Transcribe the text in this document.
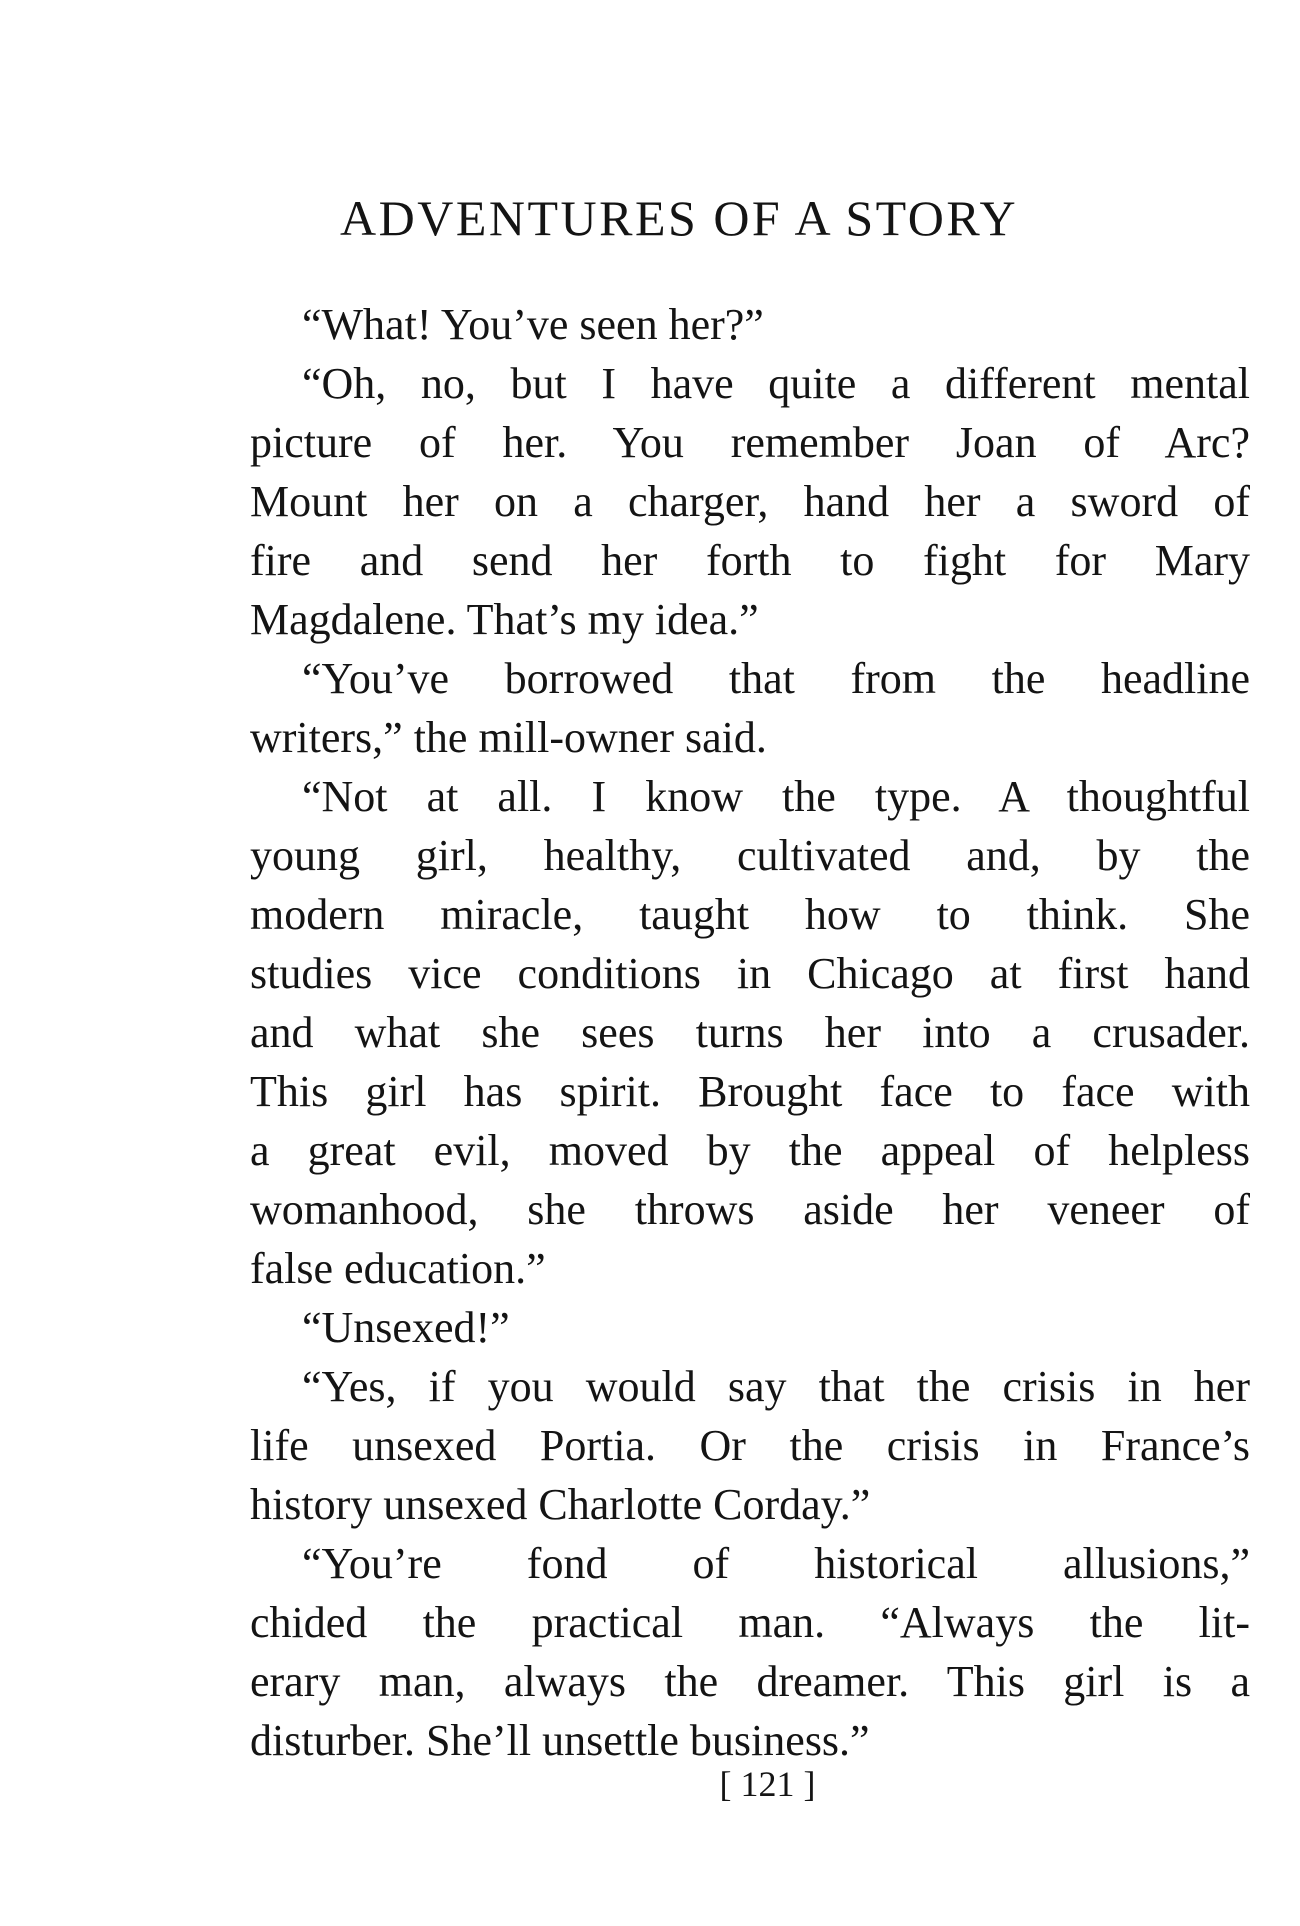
ADVENTURES OF A STORY
“What! You’ve seen her?”
“Oh, no, but I have quite a different mental
picture of her. You remember Joan of Arc?
Mount her on a charger, hand her a sword of
fire and send her forth to fight for Mary
Magdalene. That’s my idea.”
“You’ve borrowed that from the headline
writers,” the mill-owner said.
“Not at all. I know the type. A thoughtful
young girl, healthy, cultivated and, by the
modern miracle, taught how to think. She
studies vice conditions in Chicago at first hand
and what she sees turns her into a crusader.
This girl has spirit. Brought face to face with
a great evil, moved by the appeal of helpless
womanhood, she throws aside her veneer of
false education.”
“Unsexed!”
“Yes, if you would say that the crisis in her
life unsexed Portia. Or the crisis in France’s
history unsexed Charlotte Corday.”
“You’re fond of historical allusions,”
chided the practical man. “Always the lit-
erary man, always the dreamer. This girl is a
disturber. She’ll unsettle business.”
[ 121 ]
